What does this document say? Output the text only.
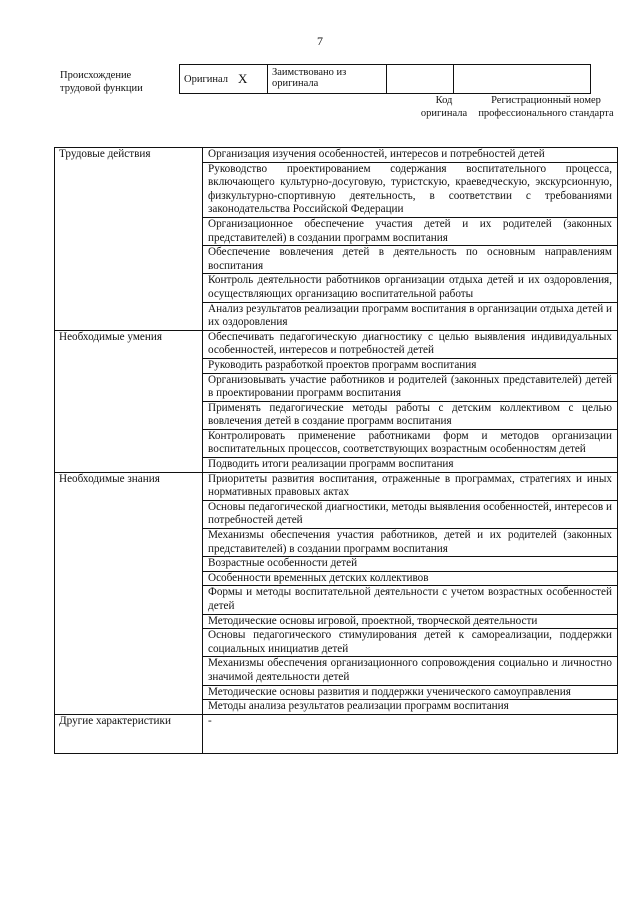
7
Происхождение трудовой функции
Оригинал	X	Заимствовано из оригинала		
Код оригинала
Регистрационный номер профессионального стандарта
Трудовые действия	Организация изучения особенностей, интересов и потребностей детей
	Руководство проектированием содержания воспитательного процесса, включающего культурно-досуговую, туристскую, краеведческую, экскурсионную, физкультурно-спортивную деятельность, в соответствии с требованиями законодательства Российской Федерации
	Организационное обеспечение участия детей и их родителей (законных представителей) в создании программ воспитания
	Обеспечение вовлечения детей в деятельность по основным направлениям воспитания
	Контроль деятельности работников организации отдыха детей и их оздоровления, осуществляющих организацию воспитательной работы
	Анализ результатов реализации программ воспитания в организации отдыха детей и их оздоровления
Необходимые умения	Обеспечивать педагогическую диагностику с целью выявления индивидуальных особенностей, интересов и потребностей детей
	Руководить разработкой проектов программ воспитания
	Организовывать участие работников и родителей (законных представителей) детей в проектировании программ воспитания
	Применять педагогические методы работы с детским коллективом с целью вовлечения детей в создание программ воспитания
	Контролировать применение работниками форм и методов организации воспитательных процессов, соответствующих возрастным особенностям детей
	Подводить итоги реализации программ воспитания
Необходимые знания	Приоритеты развития воспитания, отраженные в программах, стратегиях и иных нормативных правовых актах
	Основы педагогической диагностики, методы выявления особенностей, интересов и потребностей детей
	Механизмы обеспечения участия работников, детей и их родителей (законных представителей) в создании программ воспитания
	Возрастные особенности детей
	Особенности временных детских коллективов
	Формы и методы воспитательной деятельности с учетом возрастных особенностей детей
	Методические основы игровой, проектной, творческой деятельности
	Основы педагогического стимулирования детей к самореализации, поддержки социальных инициатив детей
	Механизмы обеспечения организационного сопровождения социально и личностно значимой деятельности детей
	Методические основы развития и поддержки ученического самоуправления
	Методы анализа результатов реализации программ воспитания
Другие характеристики	-
